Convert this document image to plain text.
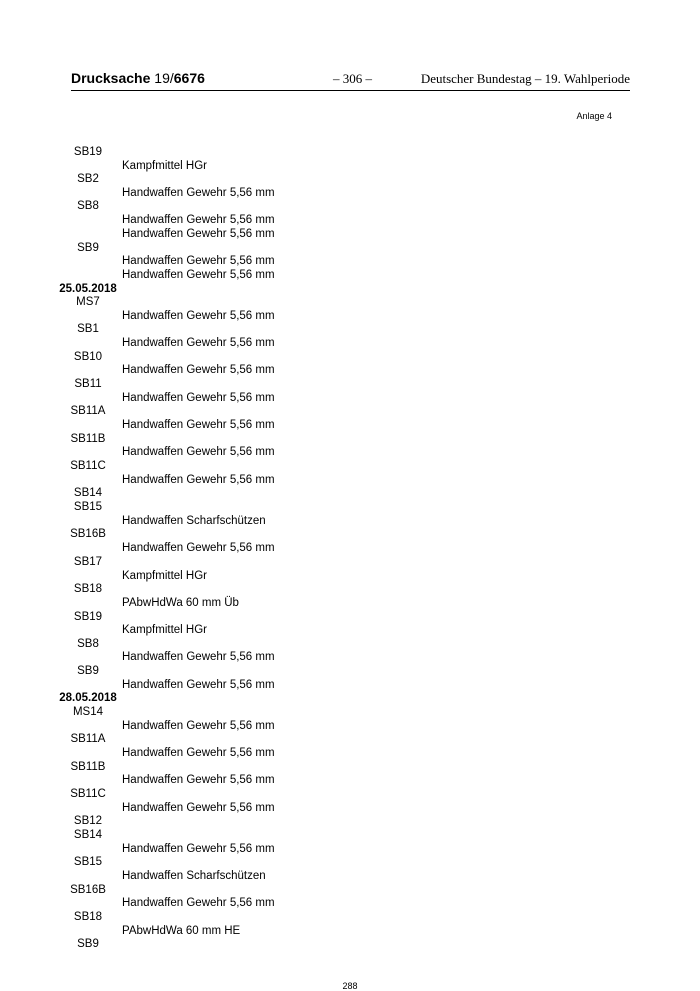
Drucksache 19/6676	– 306 –	Deutscher Bundestag – 19. Wahlperiode
Anlage 4
SB19
Kampfmittel HGr
SB2
Handwaffen Gewehr 5,56 mm
SB8
Handwaffen Gewehr 5,56 mm
Handwaffen Gewehr 5,56 mm
SB9
Handwaffen Gewehr 5,56 mm
Handwaffen Gewehr 5,56 mm
25.05.2018
MS7
Handwaffen Gewehr 5,56 mm
SB1
Handwaffen Gewehr 5,56 mm
SB10
Handwaffen Gewehr 5,56 mm
SB11
Handwaffen Gewehr 5,56 mm
SB11A
Handwaffen Gewehr 5,56 mm
SB11B
Handwaffen Gewehr 5,56 mm
SB11C
Handwaffen Gewehr 5,56 mm
SB14
SB15
Handwaffen Scharfschützen
SB16B
Handwaffen Gewehr 5,56 mm
SB17
Kampfmittel HGr
SB18
PAbwHdWa 60 mm Üb
SB19
Kampfmittel HGr
SB8
Handwaffen Gewehr 5,56 mm
SB9
Handwaffen Gewehr 5,56 mm
28.05.2018
MS14
Handwaffen Gewehr 5,56 mm
SB11A
Handwaffen Gewehr 5,56 mm
SB11B
Handwaffen Gewehr 5,56 mm
SB11C
Handwaffen Gewehr 5,56 mm
SB12
SB14
Handwaffen Gewehr 5,56 mm
SB15
Handwaffen Scharfschützen
SB16B
Handwaffen Gewehr 5,56 mm
SB18
PAbwHdWa 60 mm HE
SB9
288
